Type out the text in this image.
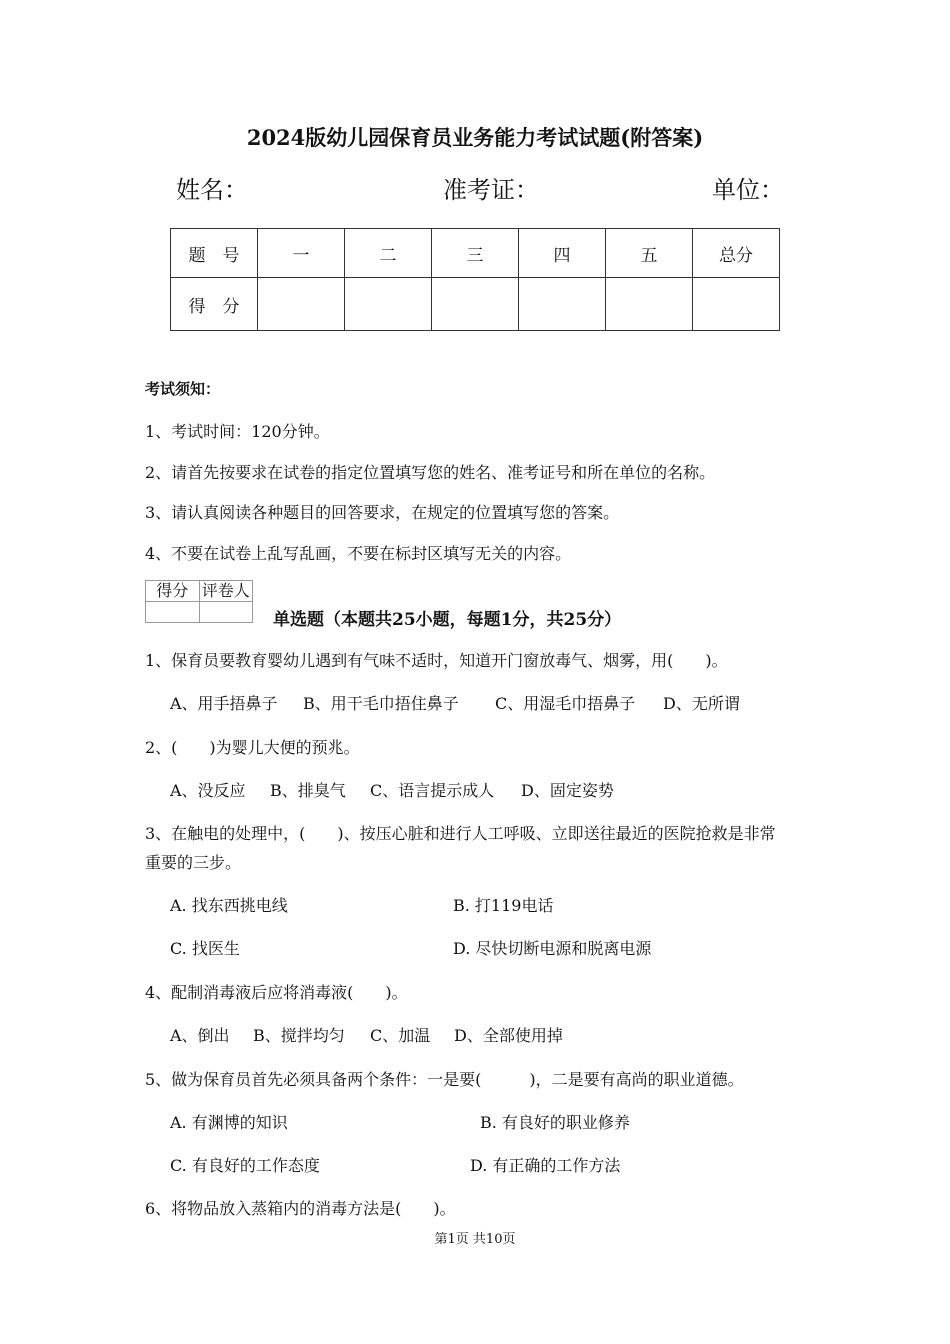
2024版幼儿园保育员业务能力考试试题(附答案)
姓名：	准考证：	单位：
题　号	一	二	三	四	五	总分
得　分						
考试须知：
1、考试时间：120分钟。
2、请首先按要求在试卷的指定位置填写您的姓名、准考证号和所在单位的名称。
3、请认真阅读各种题目的回答要求，在规定的位置填写您的答案。
4、不要在试卷上乱写乱画，不要在标封区填写无关的内容。
得分	评卷人

单选题（本题共25小题，每题1分，共25分）
1、保育员要教育婴幼儿遇到有气味不适时，知道开门窗放毒气、烟雾，用(　　)。
A、用手捂鼻子 B、用干毛巾捂住鼻子 C、用湿毛巾捂鼻子 D、无所谓
2、(　　)为婴儿大便的预兆。
A、没反应 B、排臭气 C、语言提示成人 D、固定姿势
3、在触电的处理中，(　　)、按压心脏和进行人工呼吸、立即送往最近的医院抢救是非常
重要的三步。
A. 找东西挑电线	B. 打119电话
C. 找医生	D. 尽快切断电源和脱离电源
4、配制消毒液后应将消毒液(　　)。
A、倒出 B、搅拌均匀 C、加温 D、全部使用掉
5、做为保育员首先必须具备两个条件：一是要(　　　)，二是要有高尚的职业道德。
A. 有渊博的知识	B. 有良好的职业修养
C. 有良好的工作态度	D. 有正确的工作方法
6、将物品放入蒸箱内的消毒方法是(　　)。
第1页 共10页
